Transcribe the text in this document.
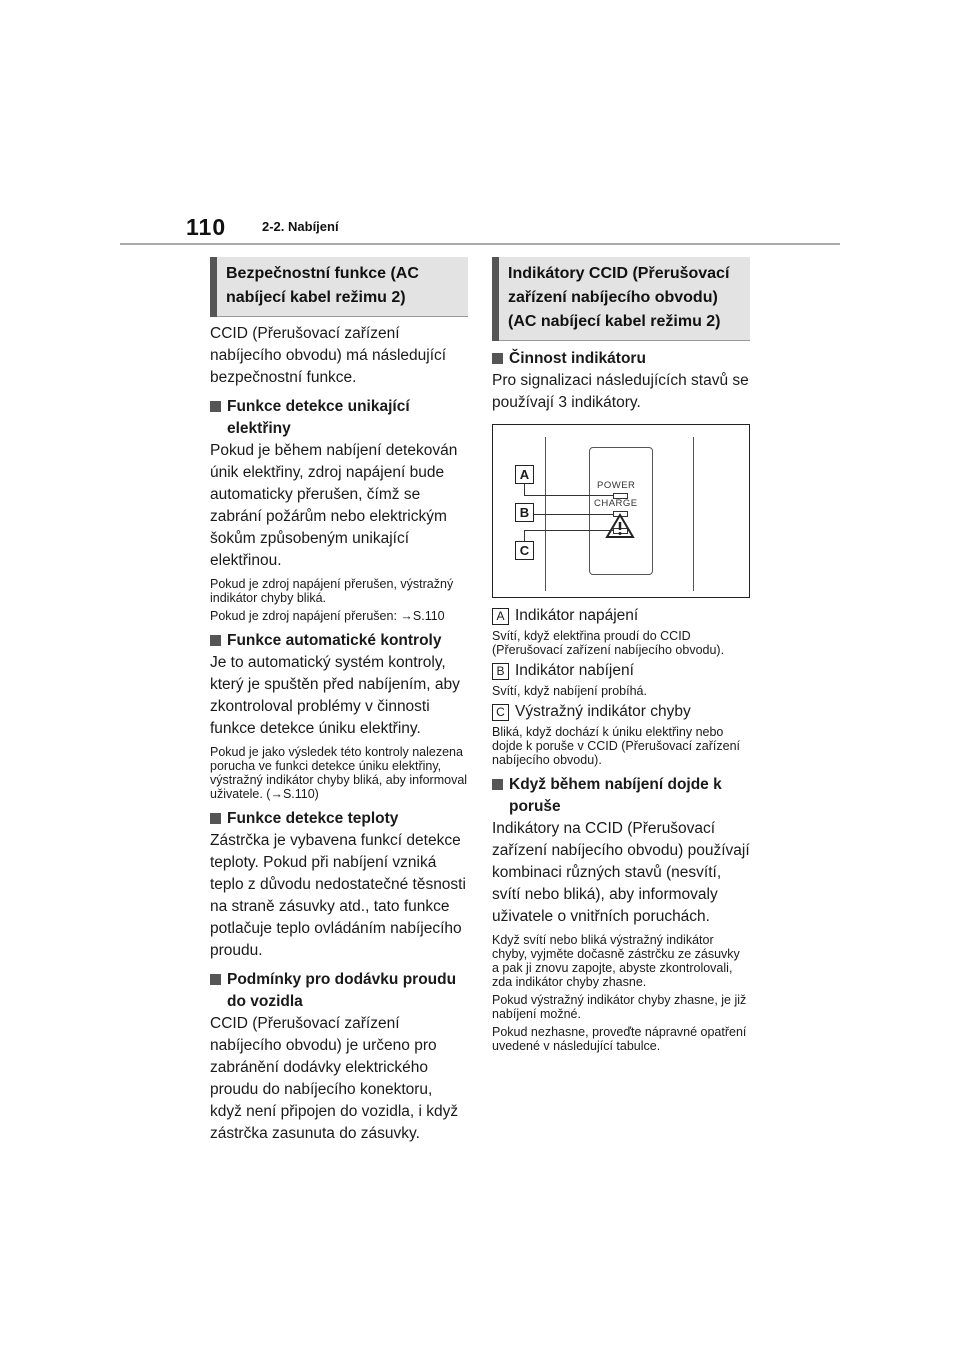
110	2-2. Nabíjení
Bezpečnostní funkce (AC nabíjecí kabel režimu 2)

CCID (Přerušovací zařízení nabíjecího obvodu) má následující bezpečnostní funkce.

Funkce detekce unikající elektřiny

Pokud je během nabíjení detekován únik elektřiny, zdroj napájení bude automaticky přerušen, čímž se zabrání požárům nebo elektrickým šokům způsobeným unikající elektřinou.

Pokud je zdroj napájení přerušen, výstražný indikátor chyby bliká.

Pokud je zdroj napájení přerušen: →S.110

Funkce automatické kontroly

Je to automatický systém kontroly, který je spuštěn před nabíjením, aby zkontroloval problémy v činnosti funkce detekce úniku elektřiny.

Pokud je jako výsledek této kontroly nalezena porucha ve funkci detekce úniku elektřiny, výstražný indikátor chyby bliká, aby informoval uživatele. (→S.110)

Funkce detekce teploty

Zástrčka je vybavena funkcí detekce teploty. Pokud při nabíjení vzniká teplo z důvodu nedostatečné těsnosti na straně zásuvky atd., tato funkce potlačuje teplo ovládáním nabíjecího proudu.

Podmínky pro dodávku proudu do vozidla

CCID (Přerušovací zařízení nabíjecího obvodu) je určeno pro zabránění dodávky elektrického proudu do nabíjecího konektoru, když není připojen do vozidla, i když zástrčka zasunuta do zásuvky.

Indikátory CCID (Přerušovací zařízení nabíjecího obvodu) (AC nabíjecí kabel režimu 2)
Činnost indikátoru

Pro signalizaci následujících stavů se používají 3 indikátory.

POWER
CHARGE
A
B
C
A Indikátor napájení

Svítí, když elektřina proudí do CCID (Přerušovací zařízení nabíjecího obvodu).

B Indikátor nabíjení

Svítí, když nabíjení probíhá.

C Výstražný indikátor chyby

Bliká, když dochází k úniku elektřiny nebo dojde k poruše v CCID (Přerušovací zařízení nabíjecího obvodu).

Když během nabíjení dojde k poruše

Indikátory na CCID (Přerušovací zařízení nabíjecího obvodu) používají kombinaci různých stavů (nesvítí, svítí nebo bliká), aby informovaly uživatele o vnitřních poruchách.

Když svítí nebo bliká výstražný indikátor chyby, vyjměte dočasně zástrčku ze zásuvky a pak ji znovu zapojte, abyste zkontrolovali, zda indikátor chyby zhasne.

Pokud výstražný indikátor chyby zhasne, je již nabíjení možné.

Pokud nezhasne, proveďte nápravné opatření uvedené v následující tabulce.
